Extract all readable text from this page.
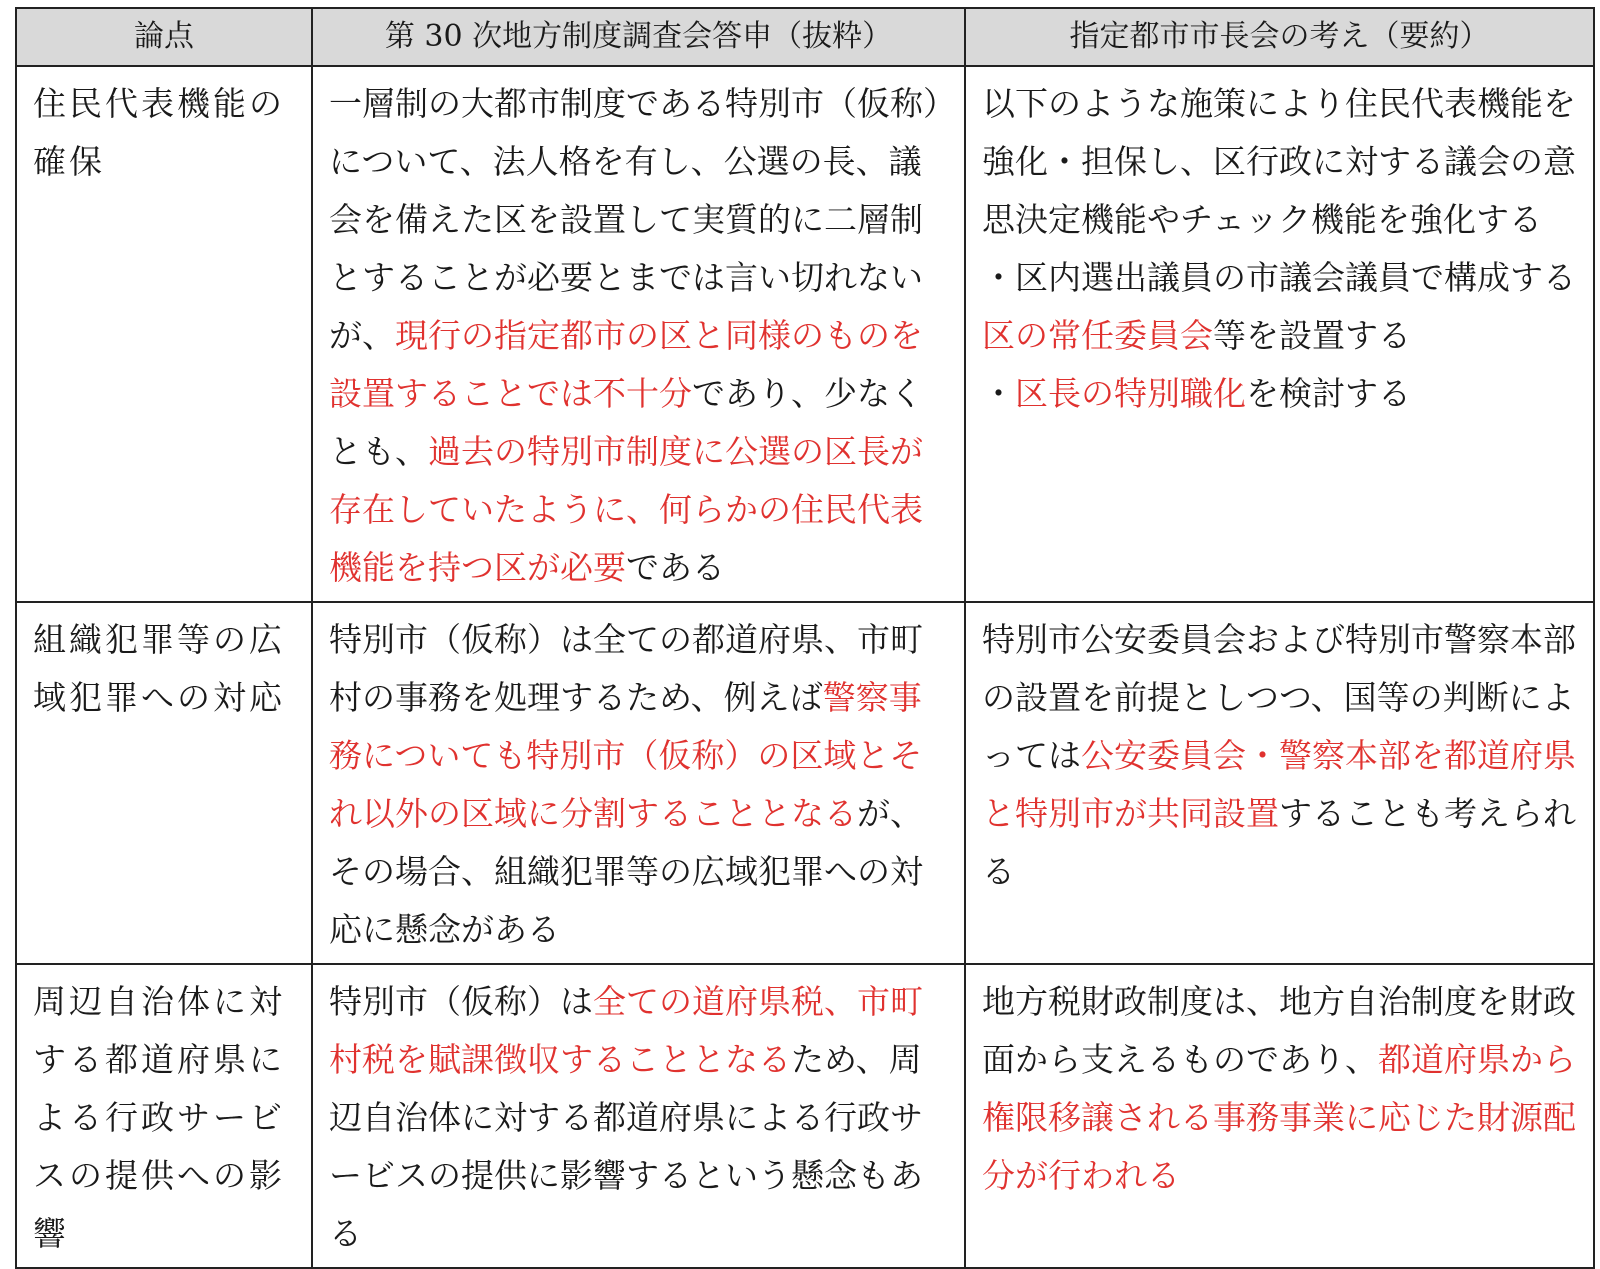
論点	第 30 次地方制度調査会答申（抜粋）	指定都市市長会の考え（要約）
住民代表機能の確保	一層制の大都市制度である特別市（仮称）について、法人格を有し、公選の長、議会を備えた区を設置して実質的に二層制とすることが必要とまでは言い切れないが、現行の指定都市の区と同様のものを設置することでは不十分であり、少なくとも、過去の特別市制度に公選の区長が存在していたように、何らかの住民代表機能を持つ区が必要である	以下のような施策により住民代表機能を強化・担保し、区行政に対する議会の意思決定機能やチェック機能を強化する
・区内選出議員の市議会議員で構成する区の常任委員会等を設置する
・区長の特別職化を検討する

組織犯罪等の広域犯罪への対応	特別市（仮称）は全ての都道府県、市町村の事務を処理するため、例えば警察事務についても特別市（仮称）の区域とそれ以外の区域に分割することとなるが、その場合、組織犯罪等の広域犯罪への対応に懸念がある	特別市公安委員会および特別市警察本部の設置を前提としつつ、国等の判断によっては公安委員会・警察本部を都道府県と特別市が共同設置することも考えられる

周辺自治体に対する都道府県による行政サービスの提供への影響	特別市（仮称）は全ての道府県税、市町村税を賦課徴収することとなるため、周辺自治体に対する都道府県による行政サービスの提供に影響するという懸念もある	地方税財政制度は、地方自治制度を財政面から支えるものであり、都道府県から権限移譲される事務事業に応じた財源配分が行われる
